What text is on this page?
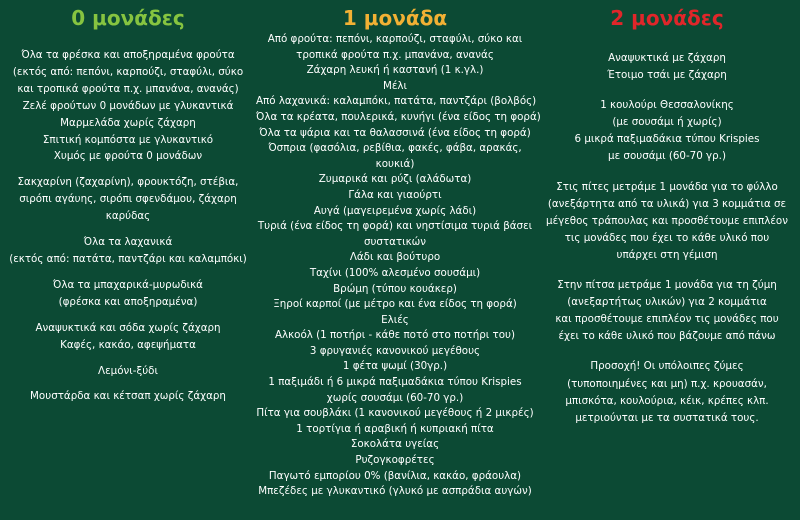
0 μονάδες
Όλα τα φρέσκα και αποξηραμένα φρούτα
(εκτός από: πεπόνι, καρπούζι, σταφύλι, σύκο
και τροπικά φρούτα π.χ. μπανάνα, ανανάς)
Ζελέ φρούτων 0 μονάδων με γλυκαντικά
Μαρμελάδα χωρίς ζάχαρη
Σπιτική κομπόστα με γλυκαντικό
Χυμός με φρούτα 0 μονάδων
Σακχαρίνη (ζαχαρίνη), φρουκτόζη, στέβια,
σιρόπι αγάυης, σιρόπι σφενδάμου, ζάχαρη
καρύδας
Όλα τα λαχανικά
(εκτός από: πατάτα, παντζάρι και καλαμπόκι)
Όλα τα μπαχαρικά-μυρωδικά
(φρέσκα και αποξηραμένα)
Αναψυκτικά και σόδα χωρίς ζάχαρη
Καφές, κακάο, αφεψήματα
Λεμόνι-ξύδι
Μουστάρδα και κέτσαπ χωρίς ζάχαρη
1 μονάδα
Από φρούτα: πεπόνι, καρπούζι, σταφύλι, σύκο και
τροπικά φρούτα π.χ. μπανάνα, ανανάς
Ζάχαρη λευκή ή καστανή (1 κ.γλ.)
Μέλι
Από λαχανικά: καλαμπόκι, πατάτα, παντζάρι (βολβός)
Όλα τα κρέατα, πουλερικά, κυνήγι (ένα είδος τη φορά)
Όλα τα ψάρια και τα θαλασσινά (ένα είδος τη φορά)
Όσπρια (φασόλια, ρεβίθια, φακές, φάβα, αρακάς,
κουκιά)
Ζυμαρικά και ρύζι (αλάδωτα)
Γάλα και γιαούρτι
Αυγά (μαγειρεμένα χωρίς λάδι)
Τυριά (ένα είδος τη φορά) και νηστίσιμα τυριά βάσει
συστατικών
Λάδι και βούτυρο
Ταχίνι (100% αλεσμένο σουσάμι)
Βρώμη (τύπου κουάκερ)
Ξηροί καρποί (με μέτρο και ένα είδος τη φορά)
Ελιές
Αλκοόλ (1 ποτήρι - κάθε ποτό στο ποτήρι του)
3 φρυγανιές κανονικού μεγέθους
1 φέτα ψωμί (30γρ.)
1 παξιμάδι ή 6 μικρά παξιμαδάκια τύπου Krispies
χωρίς σουσάμι (60-70 γρ.)
Πίτα για σουβλάκι (1 κανονικού μεγέθους ή 2 μικρές)
1 τορτίγια ή αραβική ή κυπριακή πίτα
Σοκολάτα υγείας
Ρυζογκοφρέτες
Παγωτό εμπορίου 0% (βανίλια, κακάο, φράουλα)
Μπεζέδες με γλυκαντικό (γλυκό με ασπράδια αυγών)
2 μονάδες
Αναψυκτικά με ζάχαρη
Έτοιμο τσάι με ζάχαρη
1 κουλούρι Θεσσαλονίκης
(με σουσάμι ή χωρίς)
6 μικρά παξιμαδάκια τύπου Krispies
με σουσάμι (60-70 γρ.)
Στις πίτες μετράμε 1 μονάδα για το φύλλο
(ανεξάρτητα από τα υλικά) για 3 κομμάτια σε
μέγεθος τράπουλας και προσθέτουμε επιπλέον
τις μονάδες που έχει το κάθε υλικό που
υπάρχει στη γέμιση
Στην πίτσα μετράμε 1 μονάδα για τη ζύμη
(ανεξαρτήτως υλικών) για 2 κομμάτια
και προσθέτουμε επιπλέον τις μονάδες που
έχει το κάθε υλικό που βάζουμε από πάνω
Προσοχή! Οι υπόλοιπες ζύμες
(τυποποιημένες και μη) π.χ. κρουασάν,
μπισκότα, κουλούρια, κέικ, κρέπες κλπ.
μετριούνται με τα συστατικά τους.
